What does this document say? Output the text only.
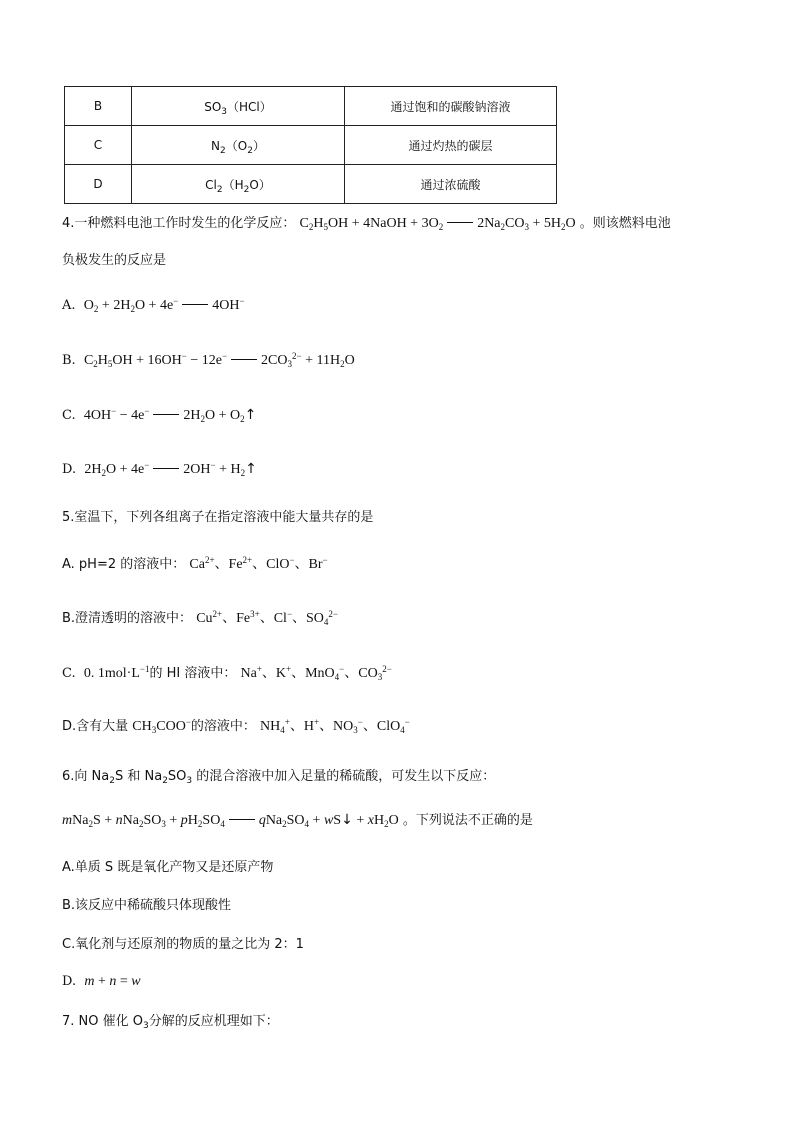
B	$SO_3(HCl)$	通过饱和的碳酸钠溶液
C	$N_2(O_2)$	通过灼热的碳层
D	$Cl_2(H_2O)$	通过浓硫酸
4.一种燃料电池工作时发生的化学反应： $C_2H_5OH$ + 4NaOH + $3O_2$ $2Na_2CO_3 + 5H_2O$ 。则该燃料电池
负极发生的反应是
A. $O_2 + 2H_2O + 4e^-$ 4OH−
B. $C_2H_5OH + 16OH^- - 12e^-$ $2CO_3^{2-} + 11H_2O$
C. 4OH− − 4e− $2H_2O$ + $O_2↑$
D. $2H_2O + 4e^-$ $2OH^- + H_2↑$
5.室温下，下列各组离子在指定溶液中能大量共存的是
A. pH=2 的溶液中： $Ca^{2+}$、$Fe^{2+}$、ClO−、Br−
B.澄清透明的溶液中： $Cu^{2+}$、$Fe^{3+}$、Cl−、$SO_4^{2-}$
C. 0. $1mol\cdot L^{-1}$的 HI 溶液中： Na+、K+、MnO$_4$−、$CO_3^{2-}$
D.含有大量 $CH_3COO^-$的溶液中： $NH_4^+$、H+、$NO_3^-$、ClO$_4$−
6.向 $Na_2S$ 和 $Na_2SO_3$ 的混合溶液中加入足量的稀硫酸，可发生以下反应：
$mNa_2S + nNa_2SO_3 + pH_2SO_4$ $qNa_2SO_4$ + wS↓ + $xH_2O$ 。下列说法不正确的是
A.单质 S 既是氧化产物又是还原产物
B.该反应中稀硫酸只体现酸性
C.氧化剂与还原剂的物质的量之比为 2：1
D. m + n = w
7. NO 催化 $O_3$分解的反应机理如下：
